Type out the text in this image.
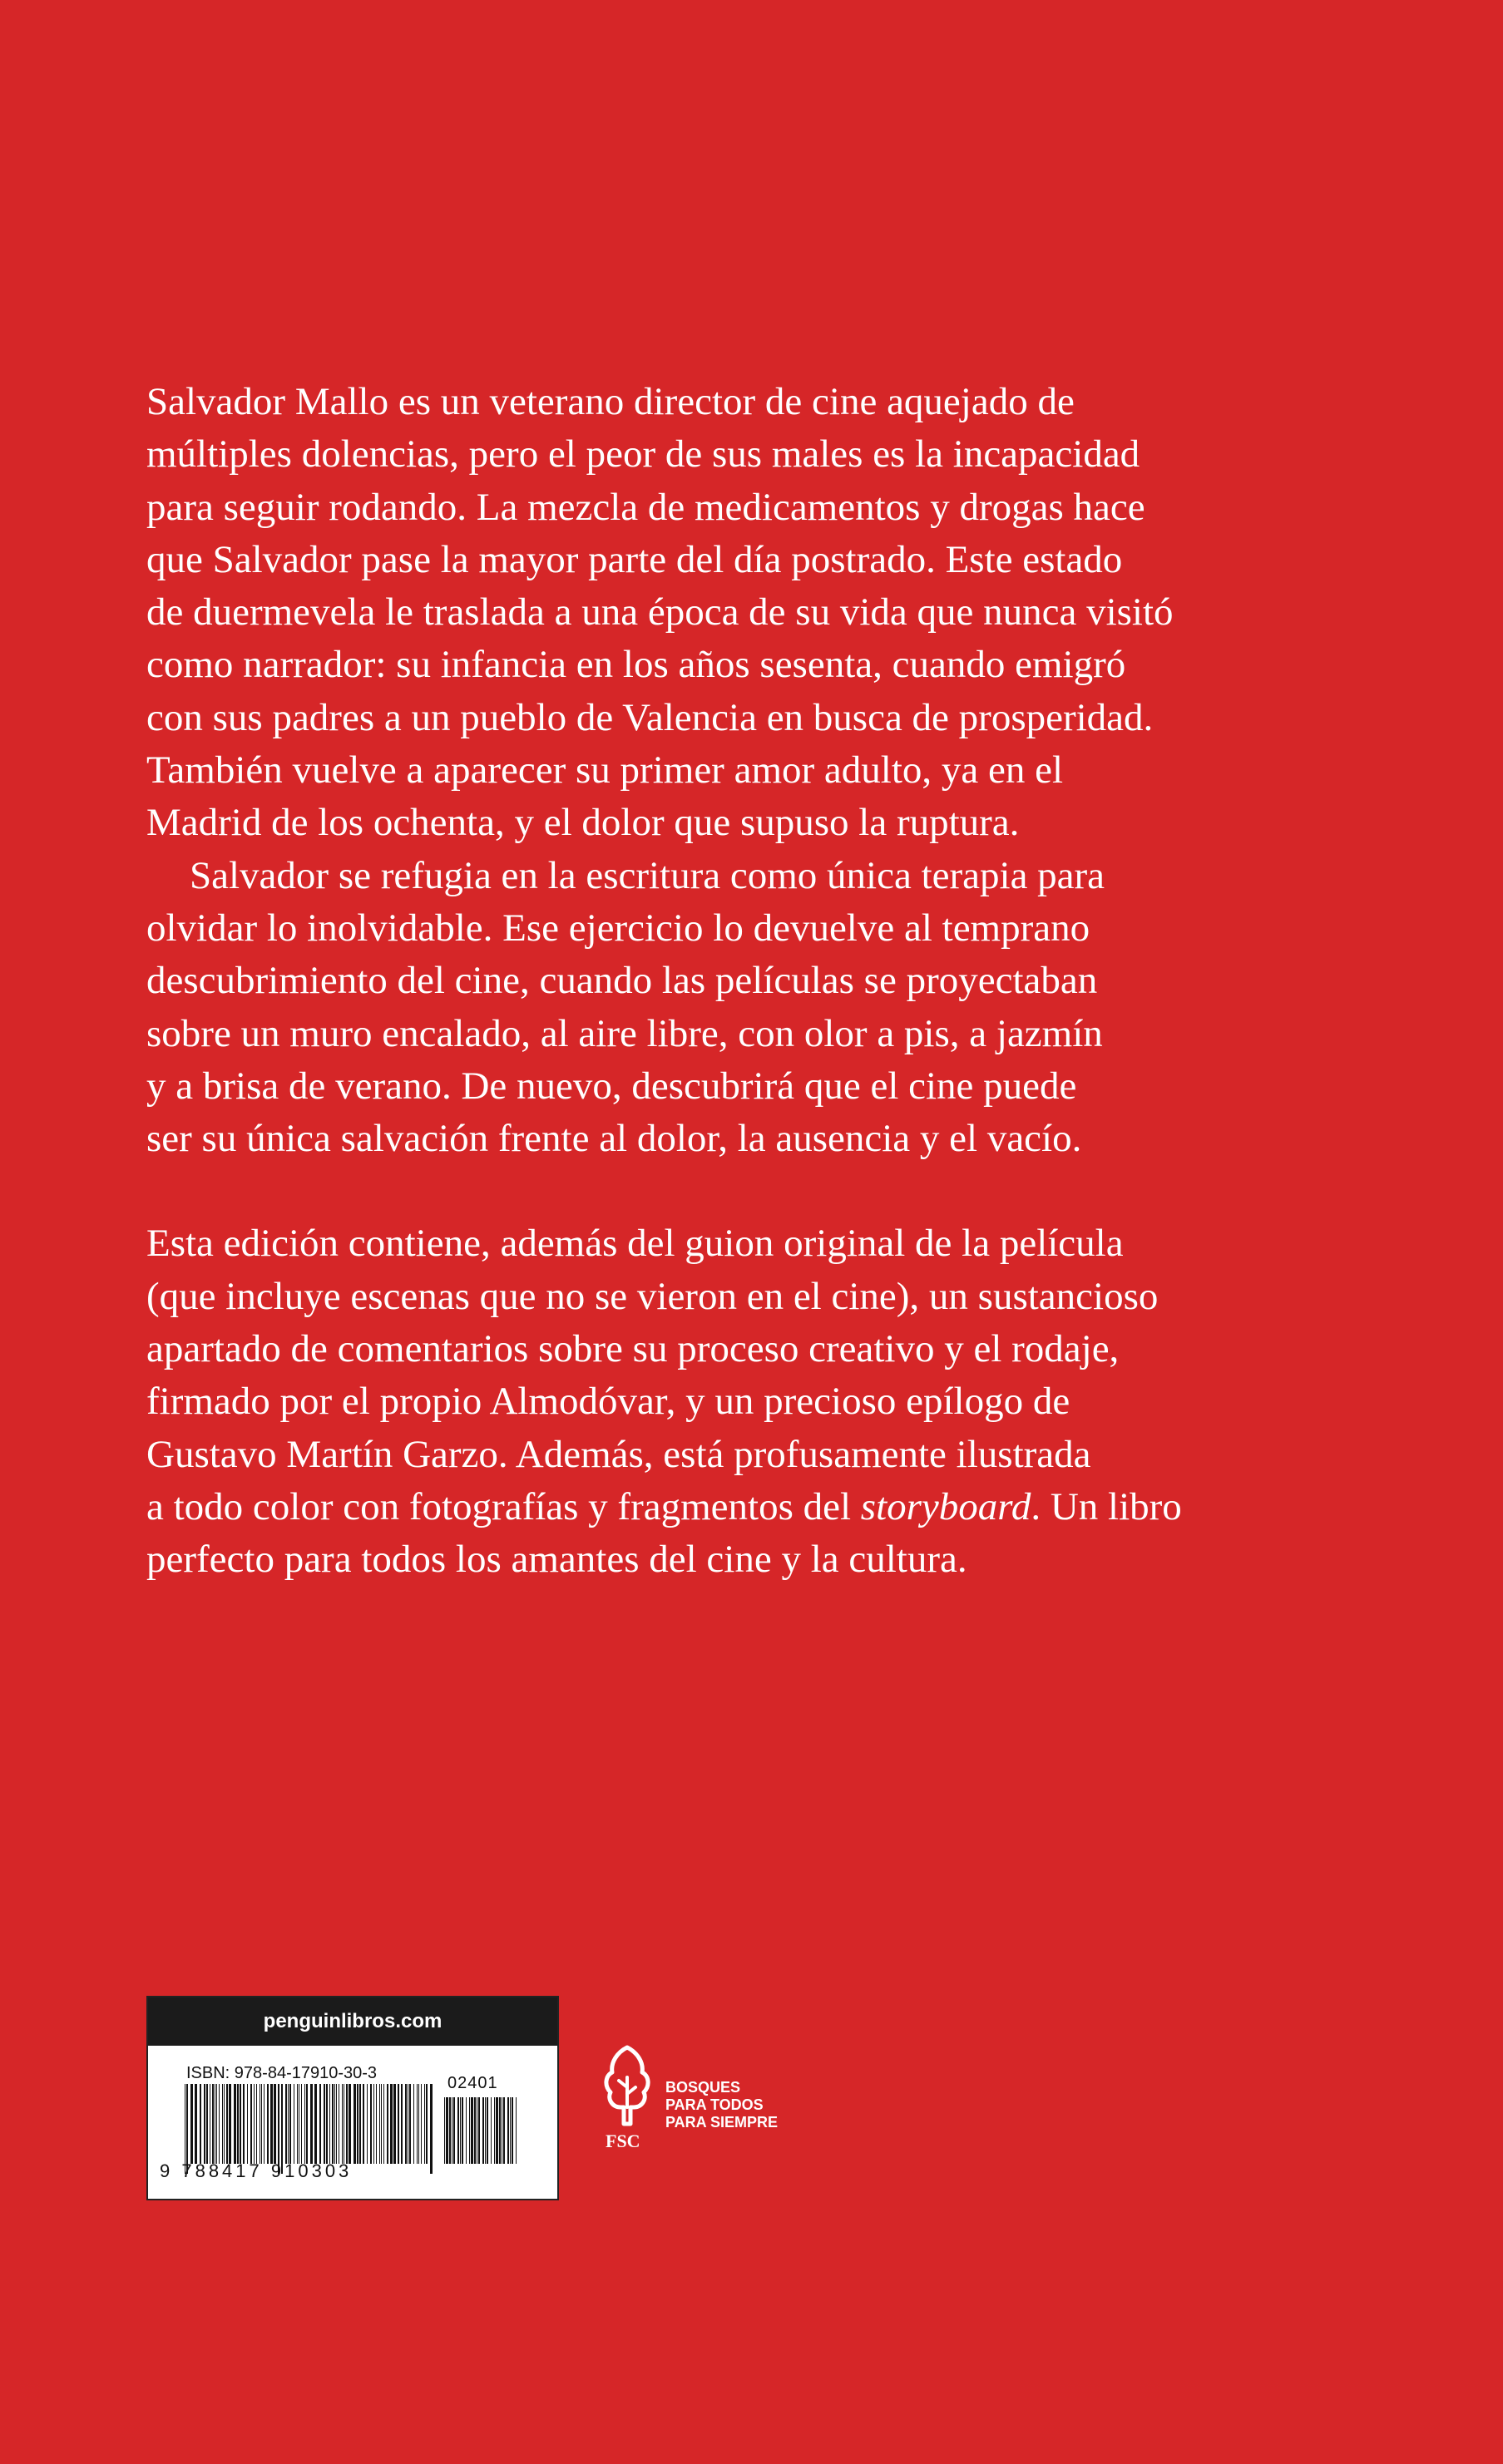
Salvador Mallo es un veterano director de cine aquejado de
múltiples dolencias, pero el peor de sus males es la incapacidad
para seguir rodando. La mezcla de medicamentos y drogas hace
que Salvador pase la mayor parte del día postrado. Este estado
de duermevela le traslada a una época de su vida que nunca visitó
como narrador: su infancia en los años sesenta, cuando emigró
con sus padres a un pueblo de Valencia en busca de prosperidad.
También vuelve a aparecer su primer amor adulto, ya en el
Madrid de los ochenta, y el dolor que supuso la ruptura.
Salvador se refugia en la escritura como única terapia para
olvidar lo inolvidable. Ese ejercicio lo devuelve al temprano
descubrimiento del cine, cuando las películas se proyectaban
sobre un muro encalado, al aire libre, con olor a pis, a jazmín
y a brisa de verano. De nuevo, descubrirá que el cine puede
ser su única salvación frente al dolor, la ausencia y el vacío.
Esta edición contiene, además del guion original de la película
(que incluye escenas que no se vieron en el cine), un sustancioso
apartado de comentarios sobre su proceso creativo y el rodaje,
firmado por el propio Almodóvar, y un precioso epílogo de
Gustavo Martín Garzo. Además, está profusamente ilustrada
a todo color con fotografías y fragmentos del storyboard. Un libro
perfecto para todos los amantes del cine y la cultura.
penguinlibros.com
ISBN: 978-84-17910-30-3
02401
9 788417 910303
FSC
BOSQUES
PARA TODOS
PARA SIEMPRE
